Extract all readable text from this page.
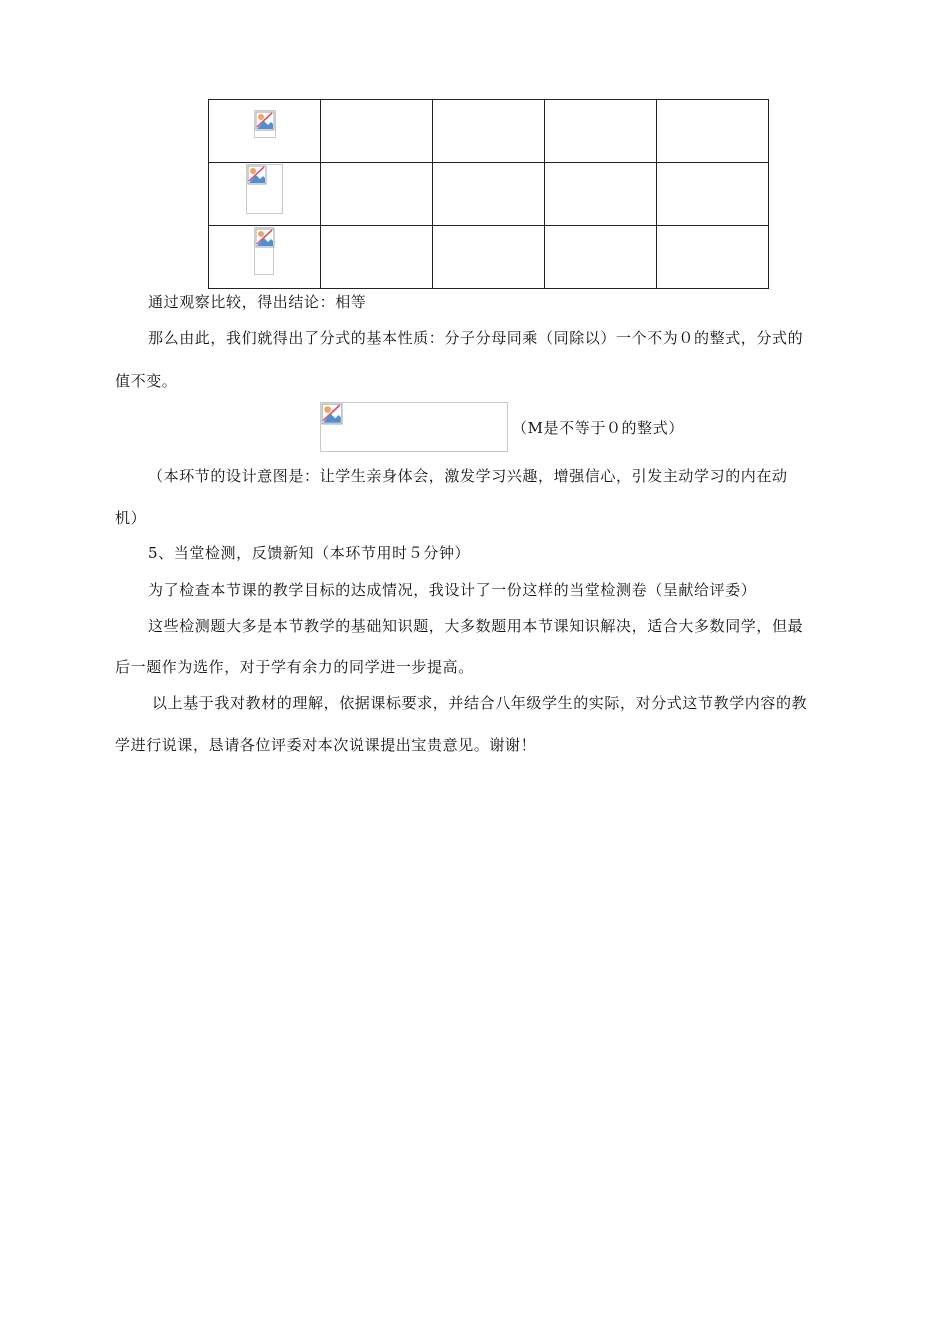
通过观察比较，得出结论：相等
那么由此，我们就得出了分式的基本性质：分子分母同乘（同除以）一个不为０的整式，分式的
值不变。
（M是不等于０的整式）
（本环节的设计意图是：让学生亲身体会，激发学习兴趣，增强信心，引发主动学习的内在动
机）
5、当堂检测，反馈新知（本环节用时５分钟）
为了检查本节课的教学目标的达成情况，我设计了一份这样的当堂检测卷（呈献给评委）
这些检测题大多是本节教学的基础知识题，大多数题用本节课知识解决，适合大多数同学，但最
后一题作为选作，对于学有余力的同学进一步提高。
以上基于我对教材的理解，依据课标要求，并结合八年级学生的实际，对分式这节教学内容的教
学进行说课，恳请各位评委对本次说课提出宝贵意见。谢谢！
